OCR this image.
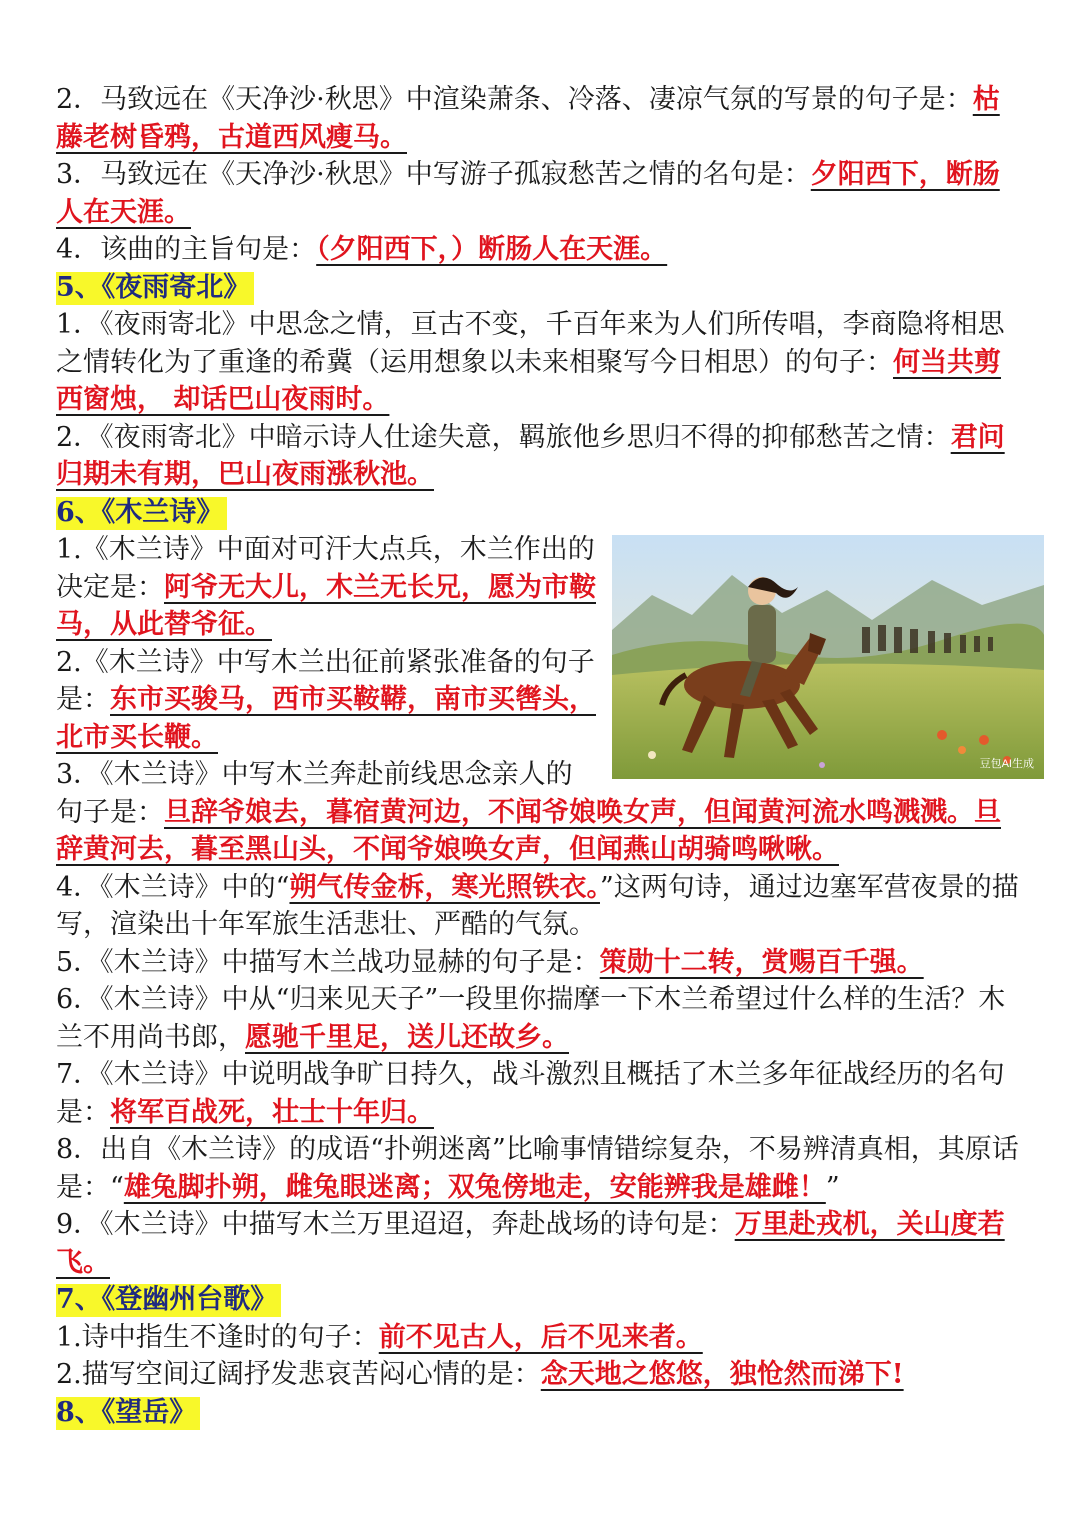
2．马致远在《天净沙·秋思》中渲染萧条、冷落、凄凉气氛的写景的句子是：枯藤老树昏鸦，古道西风瘦马。

3．马致远在《天净沙·秋思》中写游子孤寂愁苦之情的名句是：夕阳西下，断肠人在天涯。

4．该曲的主旨句是：（夕阳西下，）断肠人在天涯。

5、《夜雨寄北》

1．《夜雨寄北》中思念之情，亘古不变，千百年来为人们所传唱，李商隐将相思之情转化为了重逢的希冀（运用想象以未来相聚写今日相思）的句子：何当共剪西窗烛， 却话巴山夜雨时。

2．《夜雨寄北》中暗示诗人仕途失意，羁旅他乡思归不得的抑郁愁苦之情：君问归期未有期，巴山夜雨涨秋池。

6、《木兰诗》

豆包AI生成

1.《木兰诗》中面对可汗大点兵，木兰作出的决定是：阿爷无大儿，木兰无长兄，愿为市鞍马，从此替爷征。

2.《木兰诗》中写木兰出征前紧张准备的句子是：东市买骏马，西市买鞍鞯，南市买辔头，北市买长鞭。

3．《木兰诗》中写木兰奔赴前线思念亲人的句子是：旦辞爷娘去，暮宿黄河边，不闻爷娘唤女声，但闻黄河流水鸣溅溅。旦辞黄河去，暮至黑山头，不闻爷娘唤女声，但闻燕山胡骑鸣啾啾。

4．《木兰诗》中的“朔气传金柝，寒光照铁衣。”这两句诗，通过边塞军营夜景的描写，渲染出十年军旅生活悲壮、严酷的气氛。

5．《木兰诗》中描写木兰战功显赫的句子是：策勋十二转，赏赐百千强。

6．《木兰诗》中从“归来见天子”一段里你揣摩一下木兰希望过什么样的生活？木兰不用尚书郎，愿驰千里足，送儿还故乡。

7．《木兰诗》中说明战争旷日持久，战斗激烈且概括了木兰多年征战经历的名句是：将军百战死，壮士十年归。

8．出自《木兰诗》的成语“扑朔迷离”比喻事情错综复杂，不易辨清真相，其原话是：“雄兔脚扑朔，雌兔眼迷离；双兔傍地走，安能辨我是雄雌！”

9．《木兰诗》中描写木兰万里迢迢，奔赴战场的诗句是：万里赴戎机，关山度若飞。

7、《登幽州台歌》

1.诗中指生不逢时的句子：前不见古人，后不见来者。

2.描写空间辽阔抒发悲哀苦闷心情的是：念天地之悠悠，独怆然而涕下!

8、《望岳》
